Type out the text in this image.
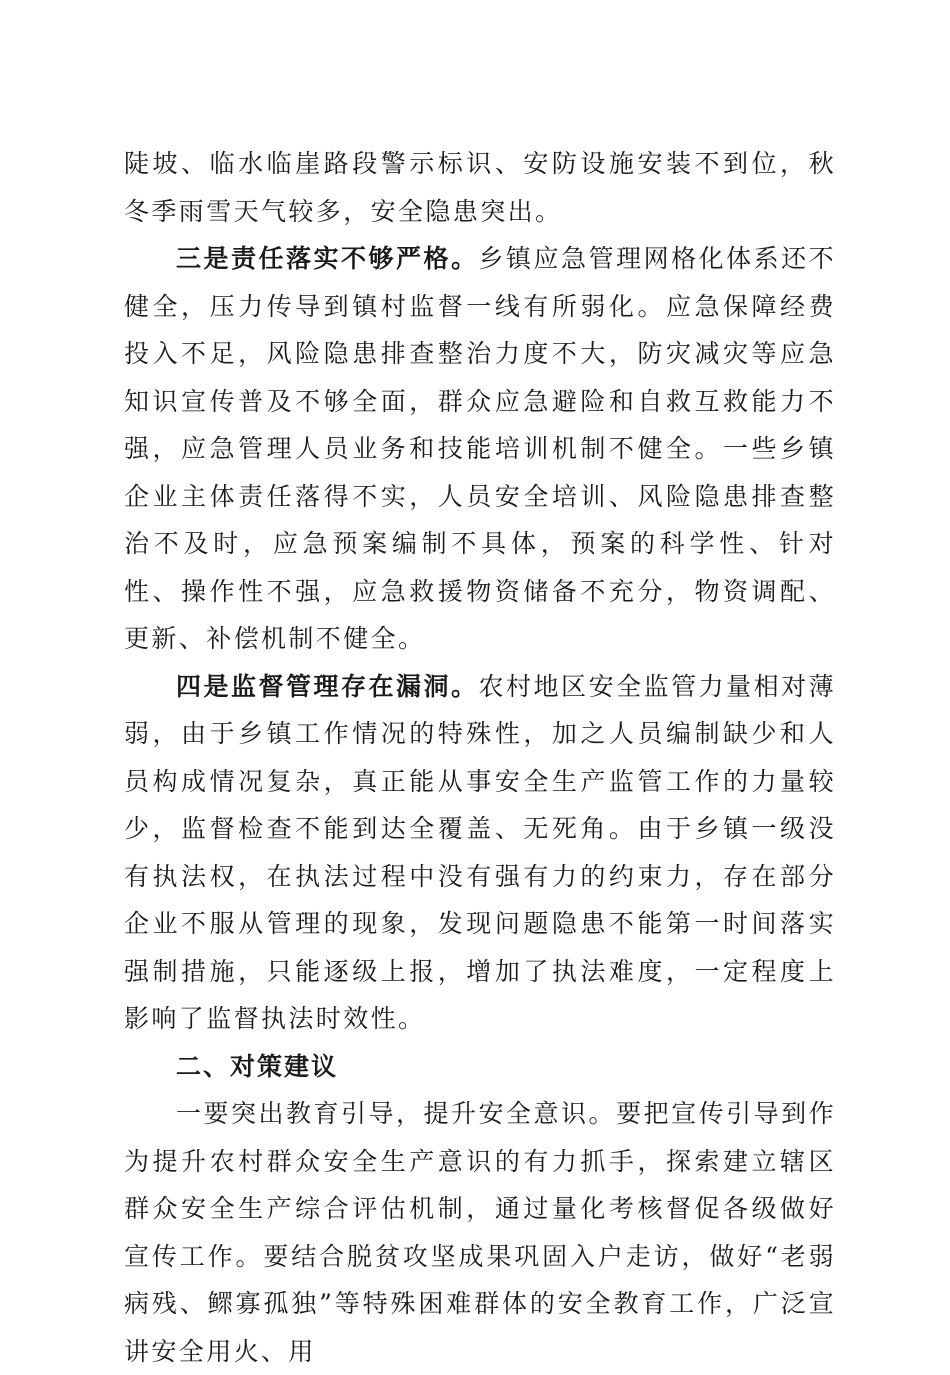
陡坡、临水临崖路段警示标识、安防设施安装不到位，秋冬季雨雪天气较多，安全隐患突出。

三是责任落实不够严格。乡镇应急管理网格化体系还不健全，压力传导到镇村监督一线有所弱化。应急保障经费投入不足，风险隐患排查整治力度不大，防灾减灾等应急知识宣传普及不够全面，群众应急避险和自救互救能力不强，应急管理人员业务和技能培训机制不健全。一些乡镇企业主体责任落得不实，人员安全培训、风险隐患排查整治不及时，应急预案编制不具体，预案的科学性、针对性、操作性不强，应急救援物资储备不充分，物资调配、更新、补偿机制不健全。

四是监督管理存在漏洞。农村地区安全监管力量相对薄弱，由于乡镇工作情况的特殊性，加之人员编制缺少和人员构成情况复杂，真正能从事安全生产监管工作的力量较少，监督检查不能到达全覆盖、无死角。由于乡镇一级没有执法权，在执法过程中没有强有力的约束力，存在部分企业不服从管理的现象，发现问题隐患不能第一时间落实强制措施，只能逐级上报，增加了执法难度，一定程度上影响了监督执法时效性。

二、对策建议

一要突出教育引导，提升安全意识。要把宣传引导到作为提升农村群众安全生产意识的有力抓手，探索建立辖区群众安全生产综合评估机制，通过量化考核督促各级做好宣传工作。要结合脱贫攻坚成果巩固入户走访，做好“老弱病残、鳏寡孤独”等特殊困难群体的安全教育工作，广泛宣讲安全用火、用
